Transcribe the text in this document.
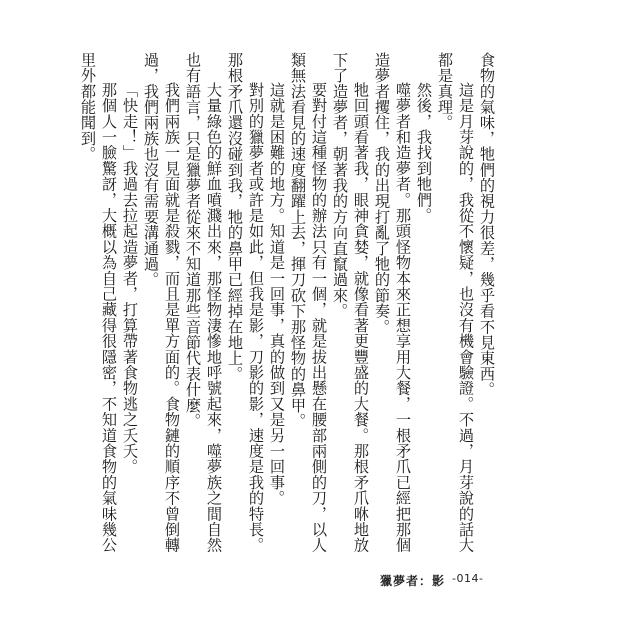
食物的氣味，牠們的視力很差，幾乎看不見東西。

這是月芽說的，我從不懷疑，也沒有機會驗證。不過，月芽說的話大都是真理。

然後，我找到牠們。

噬夢者和造夢者。那頭怪物本來正想享用大餐，一根矛爪已經把那個造夢者攫住，我的出現打亂了牠的節奏。

牠回頭看著我，眼神貪婪，就像看著更豐盛的大餐。那根矛爪咻地放下了造夢者，朝著我的方向直竄過來。

要對付這種怪物的辦法只有一個，就是拔出懸在腰部兩側的刀，以人類無法看見的速度翻躍上去，揮刀砍下那怪物的鼻甲。

這就是困難的地方。知道是一回事，真的做到又是另一回事。

對別的獵夢者或許是如此，但我是影，刀影的影，速度是我的特長。那根矛爪還沒碰到我，牠的鼻甲已經掉在地上。

大量綠色的鮮血噴濺出來，那怪物淒慘地呼號起來，噬夢族之間自然也有語言，只是獵夢者從來不知道那些音節代表什麼。

我們兩族一見面就是殺戮，而且是單方面的。食物鏈的順序不曾倒轉過，我們兩族也沒有需要溝通過。

「快走！」我過去拉起造夢者，打算帶著食物逃之夭夭。

那個人一臉驚訝，大概以為自己藏得很隱密，不知道食物的氣味幾公里外都能聞到。

獵夢者：影 -014-
